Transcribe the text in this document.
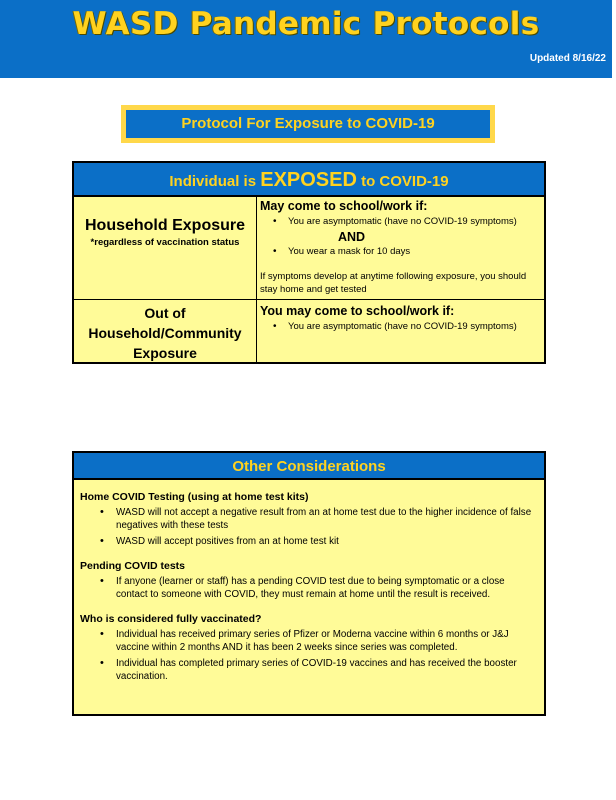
WASD Pandemic Protocols
Updated 8/16/22
Protocol For Exposure to COVID-19
Individual is EXPOSED to COVID-19
Household Exposure
*regardless of vaccination status
May come to school/work if:
• You are asymptomatic (have no COVID-19 symptoms)
AND
• You wear a mask for 10 days
If symptoms develop at anytime following exposure, you should stay home and get tested
Out of
Household/Community
Exposure
You may come to school/work if:
• You are asymptomatic (have no COVID-19 symptoms)
Other Considerations
Home COVID Testing (using at home test kits)
• WASD will not accept a negative result from an at home test due to the higher incidence of false negatives with these tests
• WASD will accept positives from an at home test kit
Pending COVID tests
• If anyone (learner or staff) has a pending COVID test due to being symptomatic or a close contact to someone with COVID, they must remain at home until the result is received.
Who is considered fully vaccinated?
• Individual has received primary series of Pfizer or Moderna vaccine within 6 months or J&J vaccine within 2 months AND it has been 2 weeks since series was completed.
• Individual has completed primary series of COVID-19 vaccines and has received the booster vaccination.
